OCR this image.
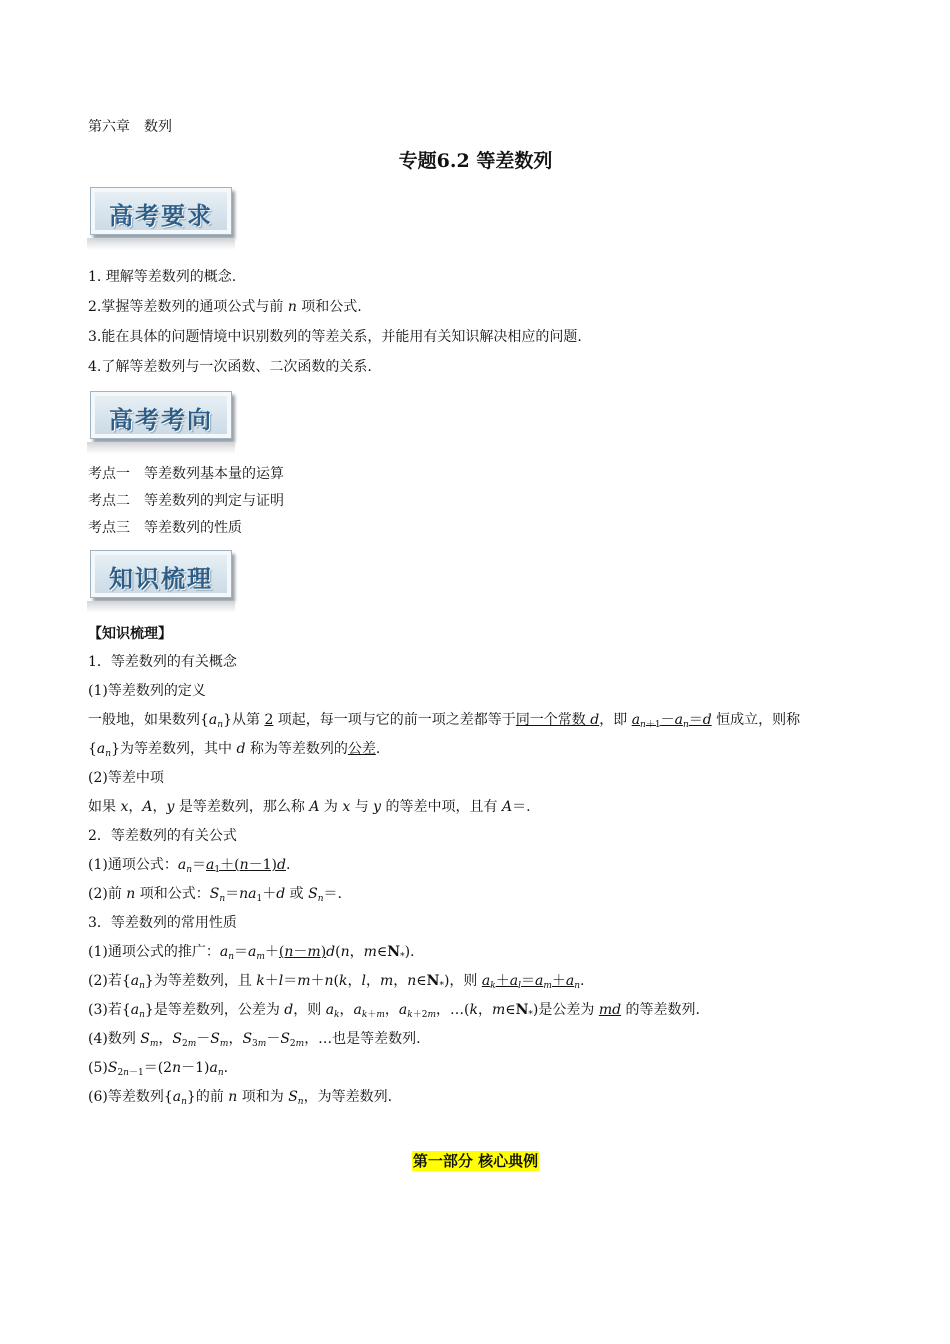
第六章　数列
专题6.2 等差数列
高考要求
1. 理解等差数列的概念.
2.掌握等差数列的通项公式与前 n 项和公式.
3.能在具体的问题情境中识别数列的等差关系，并能用有关知识解决相应的问题.
4.了解等差数列与一次函数、二次函数的关系.
高考考向
考点一　等差数列基本量的运算
考点二　等差数列的判定与证明
考点三　等差数列的性质
知识梳理
【知识梳理】
1．等差数列的有关概念
(1)等差数列的定义
一般地，如果数列$\{a_n\}$从第 2 项起，每一项与它的前一项之差都等于同一个常数 d，即 $a_{n+1}-a_n=d$ 恒成立，则称
$\{a_n\}$为等差数列，其中 d 称为等差数列的公差.
(2)等差中项
如果 x，A，y 是等差数列，那么称 A 为 x 与 y 的等差中项，且有 A＝.
2．等差数列的有关公式
(1)通项公式：$a_n=a_1+(n-1)d$.
(2)前 n 项和公式：$S_n=na_1+d$ 或 $S_n=$.
3．等差数列的常用性质
(1)通项公式的推广：$a_n=a_m+(n-m)d(n$，$m\in N_*$).
(2)若$\{a_n\}$为等差数列，且 k＋l＝m＋n(k，l，m，$n\in N_*$)，则 $a_k+a_l=a_m+a_n$.
(3)若$\{a_n\}$是等差数列，公差为 d，则 $a_k$，$a_{k+m}$，$a_{k+2m}$，…(k，$m\in N_*$)是公差为 md 的等差数列.
(4)数列 $S_m$，$S_{2m}-S_m$，$S_{3m}-S_{2m}$，…也是等差数列.
$(5)S_{2n-1}=(2n-1)a_n$.
(6)等差数列$\{a_n\}$的前 n 项和为 $S_n$，为等差数列.
第一部分 核心典例
